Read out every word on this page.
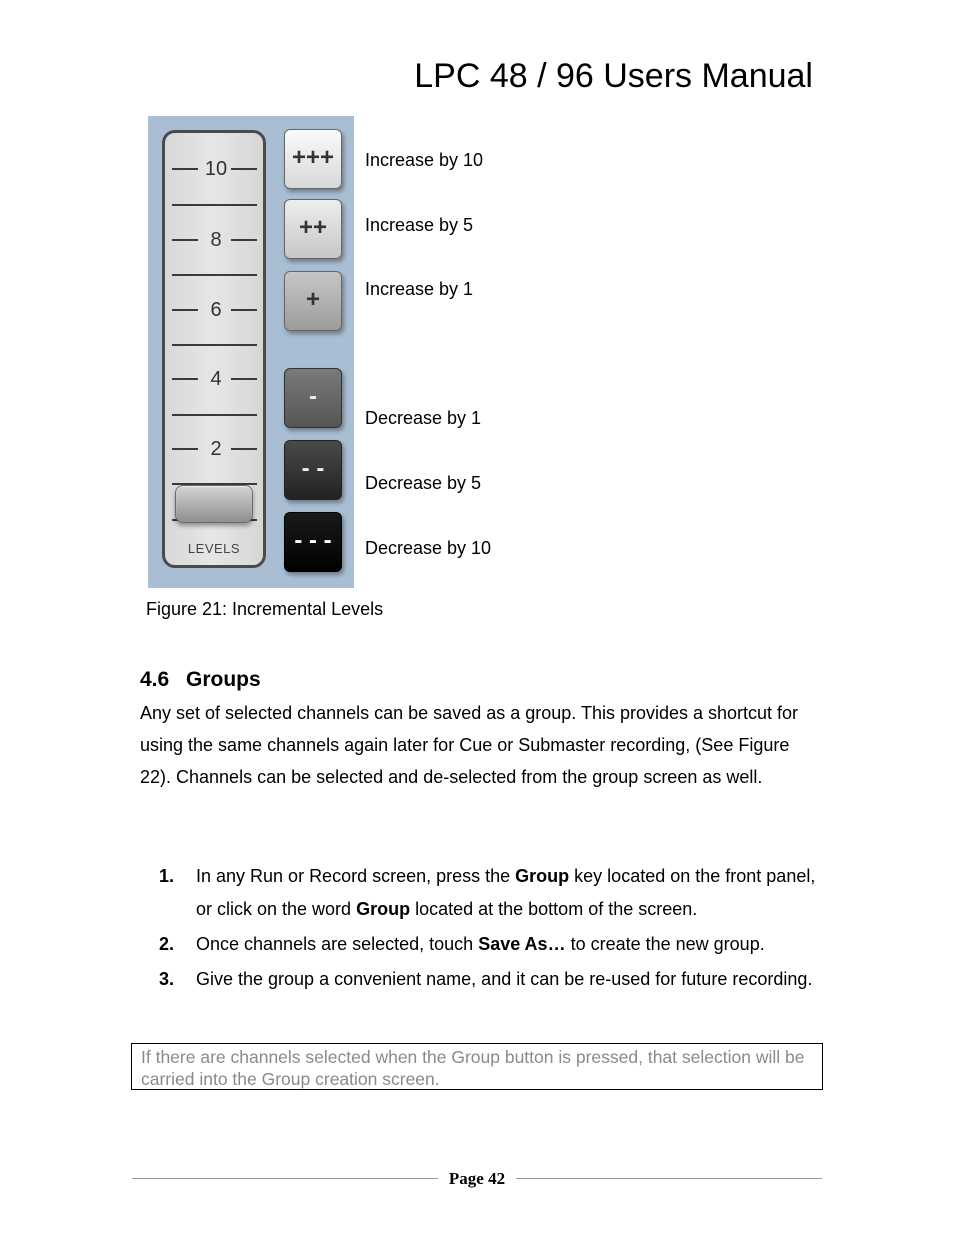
LPC 48 / 96 Users Manual
10
8
6
4
2
LEVELS
+++
++
+
-
- -
- - -
Increase by 10
Increase by 5
Increase by 1
Decrease by 1
Decrease by 5
Decrease by 10
Figure 21: Incremental Levels
4.6 Groups
Any set of selected channels can be saved as a group. This provides a shortcut for using the same channels again later for Cue or Submaster recording, (See Figure 22). Channels can be selected and de-selected from the group screen as well.
1. In any Run or Record screen, press the Group key located on the front panel, or click on the word Group located at the bottom of the screen.
2. Once channels are selected, touch Save As… to create the new group.
3. Give the group a convenient name, and it can be re-used for future recording.
If there are channels selected when the Group button is pressed, that selection will be carried into the Group creation screen.
Page 42
